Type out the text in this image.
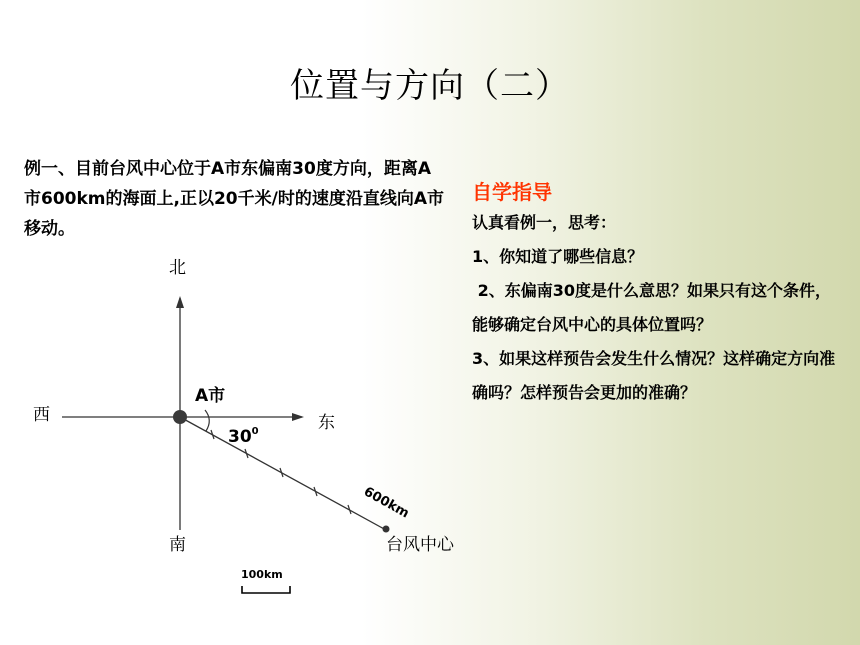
位置与方向（二）
例一、目前台风中心位于A市东偏南30度方向，距离A市600km的海面上,正以20千米/时的速度沿直线向A市移动。
北
南
西	东
A市
$30^0$
600km
台风中心
100km
自学指导

认真看例一，思考：

1、你知道了哪些信息？

2、东偏南30度是什么意思？如果只有这个条件，能够确定台风中心的具体位置吗？

3、如果这样预告会发生什么情况？这样确定方向准确吗？怎样预告会更加的准确？
